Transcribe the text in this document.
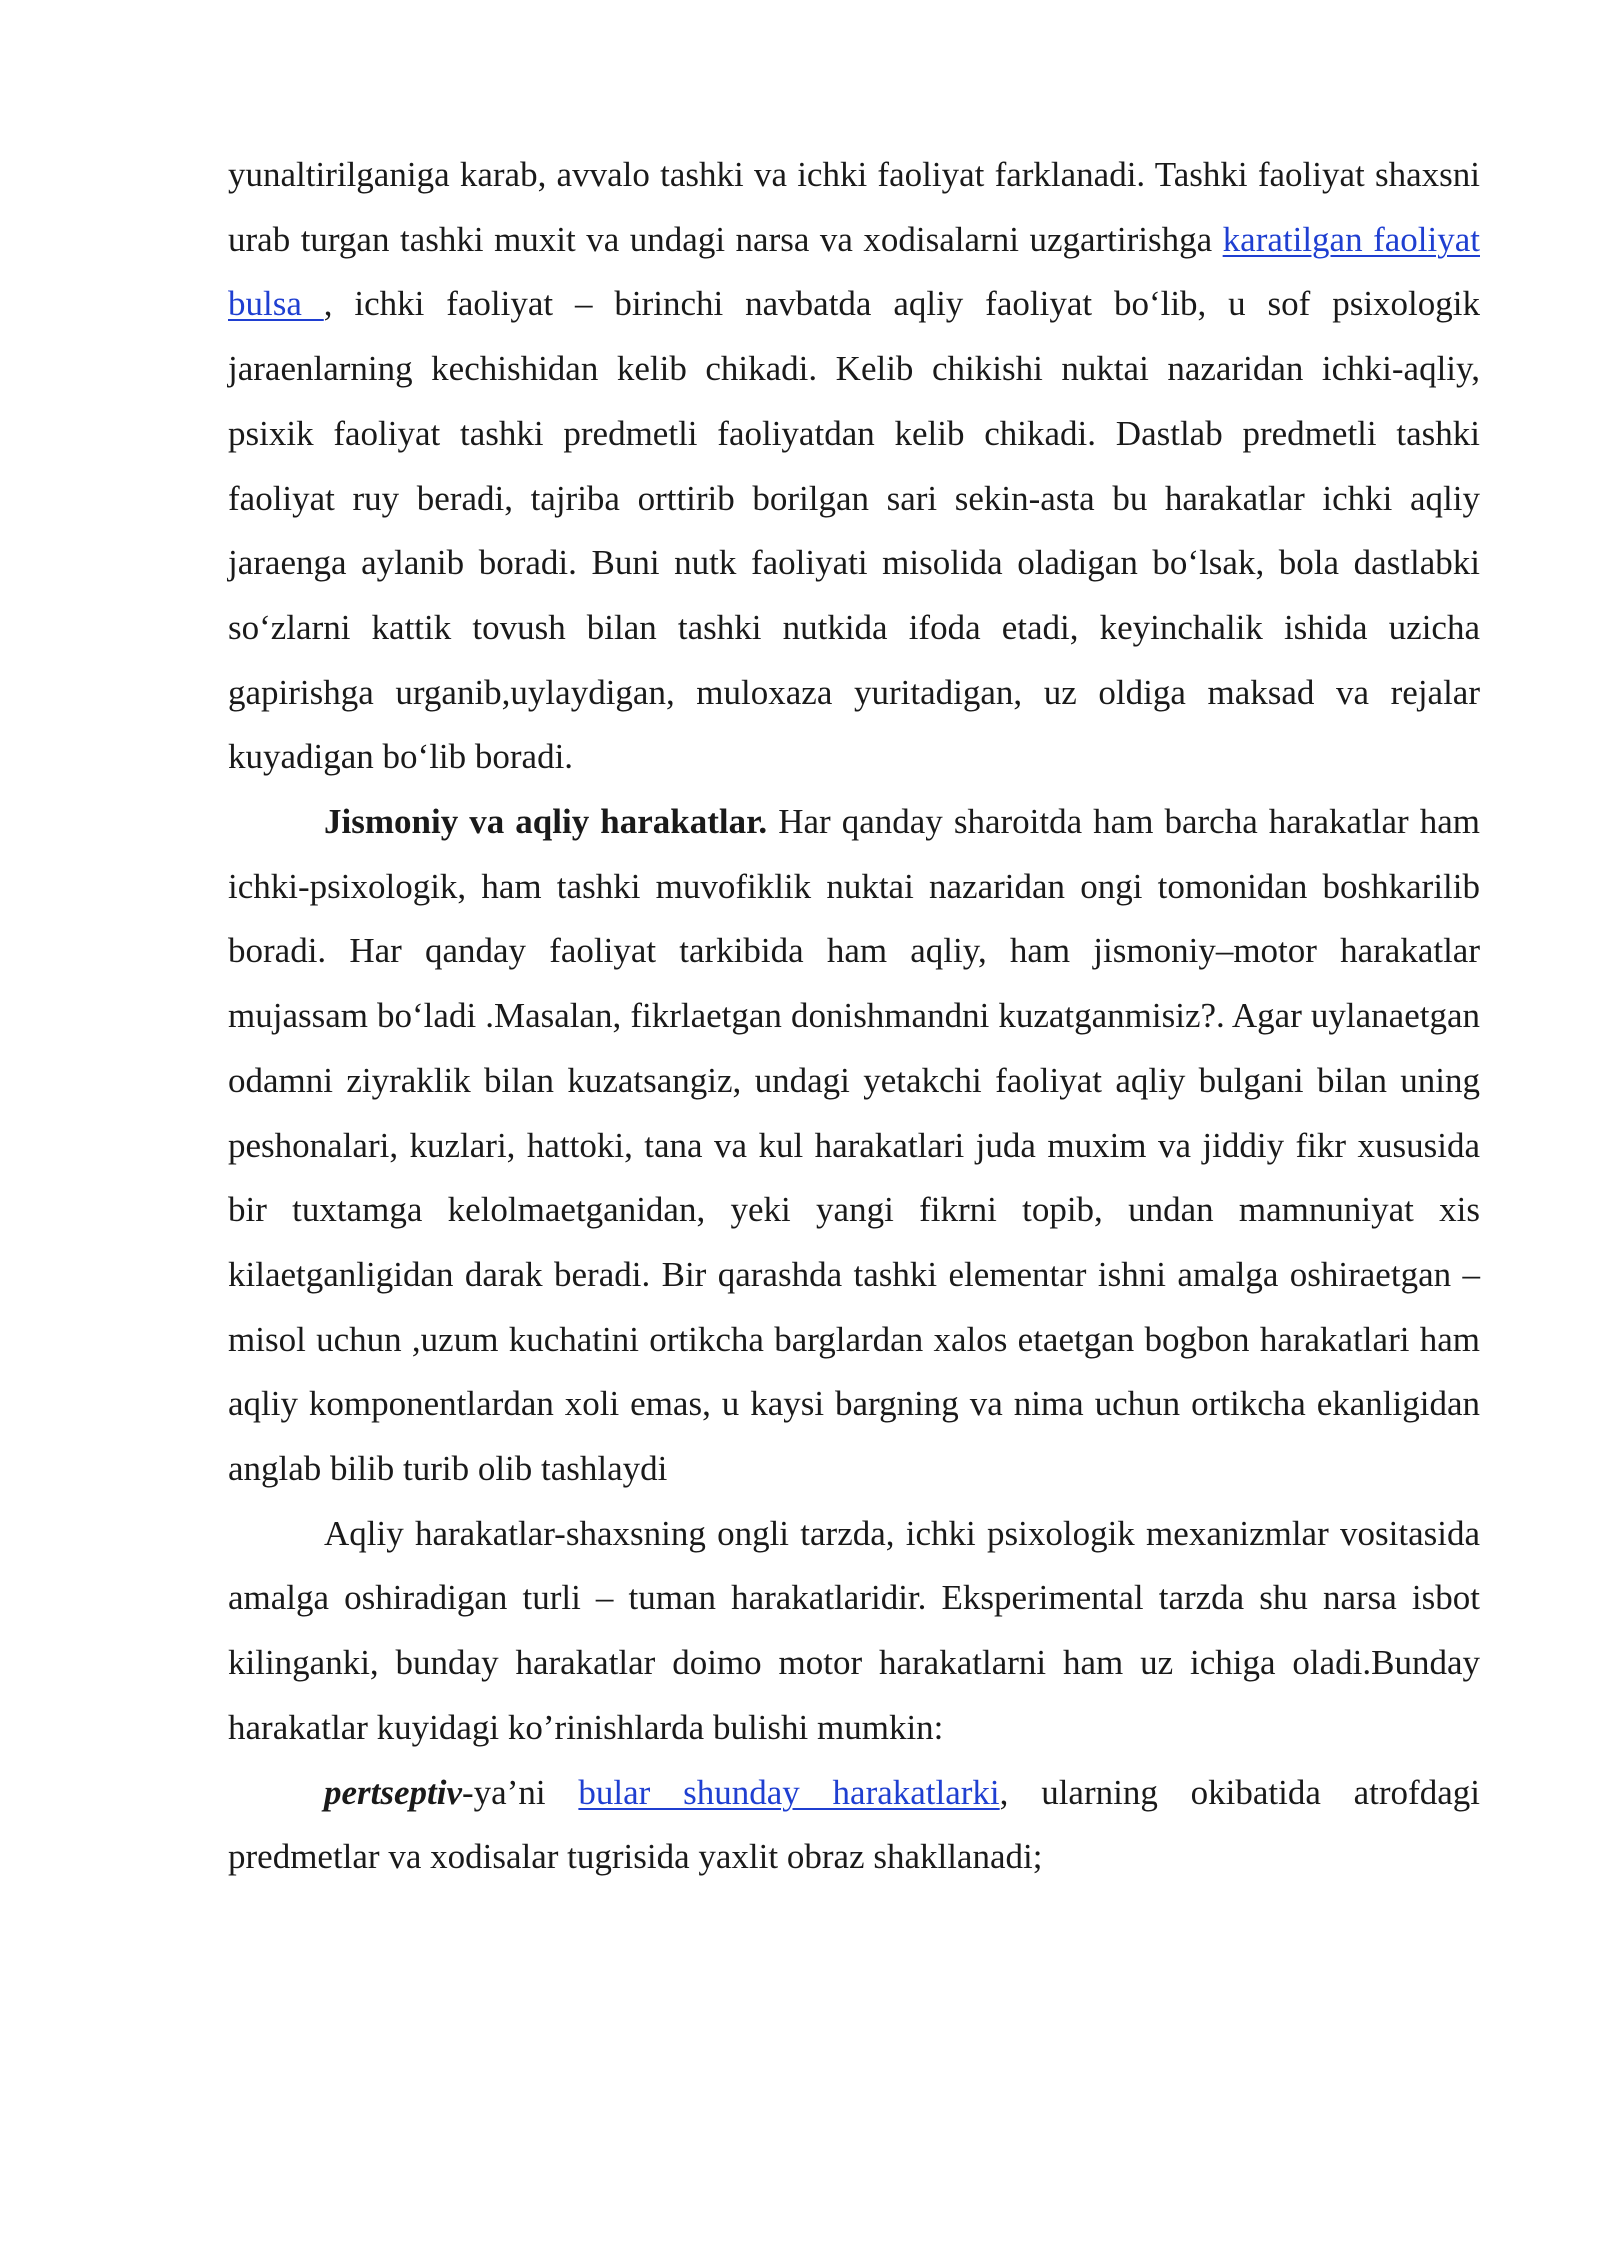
yunaltirilganiga karab, avvalo tashki va ichki faoliyat farklanadi. Tashki faoliyat shaxsni urab turgan tashki muxit va undagi narsa va xodisalarni uzgartirishga karatilgan faoliyat bulsa , ichki faoliyat – birinchi navbatda aqliy faoliyat bo‘lib, u sof psixologik jaraenlarning kechishidan kelib chikadi. Kelib chikishi nuktai nazaridan ichki-aqliy, psixik faoliyat tashki predmetli faoliyatdan kelib chikadi. Dastlab predmetli tashki faoliyat ruy beradi, tajriba orttirib borilgan sari sekin-asta bu harakatlar ichki aqliy jaraenga aylanib boradi. Buni nutk faoliyati misolida oladigan bo‘lsak, bola dastlabki so‘zlarni kattik tovush bilan tashki nutkida ifoda etadi, keyinchalik ishida uzicha gapirishga urganib,uylaydigan, muloxaza yuritadigan, uz oldiga maksad va rejalar kuyadigan bo‘lib boradi.

Jismoniy va aqliy harakatlar. Har qanday sharoitda ham barcha harakatlar ham ichki-psixologik, ham tashki muvofiklik nuktai nazaridan ongi tomonidan boshkarilib boradi. Har qanday faoliyat tarkibida ham aqliy, ham jismoniy–motor harakatlar mujassam bo‘ladi .Masalan, fikrlaetgan donishmandni kuzatganmisiz?. Agar uylanaetgan odamni ziyraklik bilan kuzatsangiz, undagi yetakchi faoliyat aqliy bulgani bilan uning peshonalari, kuzlari, hattoki, tana va kul harakatlari juda muxim va jiddiy fikr xususida bir tuxtamga kelolmaetganidan, yeki yangi fikrni topib, undan mamnuniyat xis kilaetganligidan darak beradi. Bir qarashda tashki elementar ishni amalga oshiraetgan – misol uchun ,uzum kuchatini ortikcha barglardan xalos etaetgan bogbon harakatlari ham aqliy komponentlardan xoli emas, u kaysi bargning va nima uchun ortikcha ekanligidan anglab bilib turib olib tashlaydi

Aqliy harakatlar-shaxsning ongli tarzda, ichki psixologik mexanizmlar vositasida amalga oshiradigan turli – tuman harakatlaridir. Eksperimental tarzda shu narsa isbot kilinganki, bunday harakatlar doimo motor harakatlarni ham uz ichiga oladi.Bunday harakatlar kuyidagi ko’rinishlarda bulishi mumkin:

pertseptiv-ya’ni bular shunday harakatlarki, ularning okibatida atrofdagi predmetlar va xodisalar tugrisida yaxlit obraz shakllanadi;
